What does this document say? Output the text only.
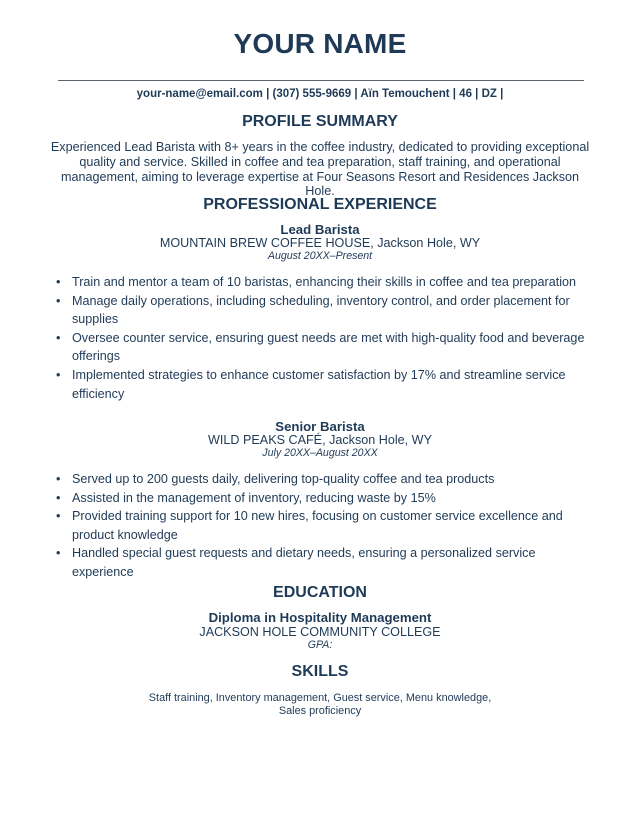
YOUR NAME
your-name@email.com | (307) 555-9669 | Aïn Temouchent | 46 | DZ |
PROFILE SUMMARY
Experienced Lead Barista with 8+ years in the coffee industry, dedicated to providing exceptional quality and service. Skilled in coffee and tea preparation, staff training, and operational management, aiming to leverage expertise at Four Seasons Resort and Residences Jackson Hole.
PROFESSIONAL EXPERIENCE
Lead Barista
MOUNTAIN BREW COFFEE HOUSE, Jackson Hole, WY
August 20XX–Present
• Train and mentor a team of 10 baristas, enhancing their skills in coffee and tea preparation
• Manage daily operations, including scheduling, inventory control, and order placement for supplies
• Oversee counter service, ensuring guest needs are met with high-quality food and beverage offerings
• Implemented strategies to enhance customer satisfaction by 17% and streamline service efficiency
Senior Barista
WILD PEAKS CAFÉ, Jackson Hole, WY
July 20XX–August 20XX
• Served up to 200 guests daily, delivering top-quality coffee and tea products
• Assisted in the management of inventory, reducing waste by 15%
• Provided training support for 10 new hires, focusing on customer service excellence and product knowledge
• Handled special guest requests and dietary needs, ensuring a personalized service experience
EDUCATION
Diploma in Hospitality Management
JACKSON HOLE COMMUNITY COLLEGE
GPA:
SKILLS
Staff training, Inventory management, Guest service, Menu knowledge, Sales proficiency
